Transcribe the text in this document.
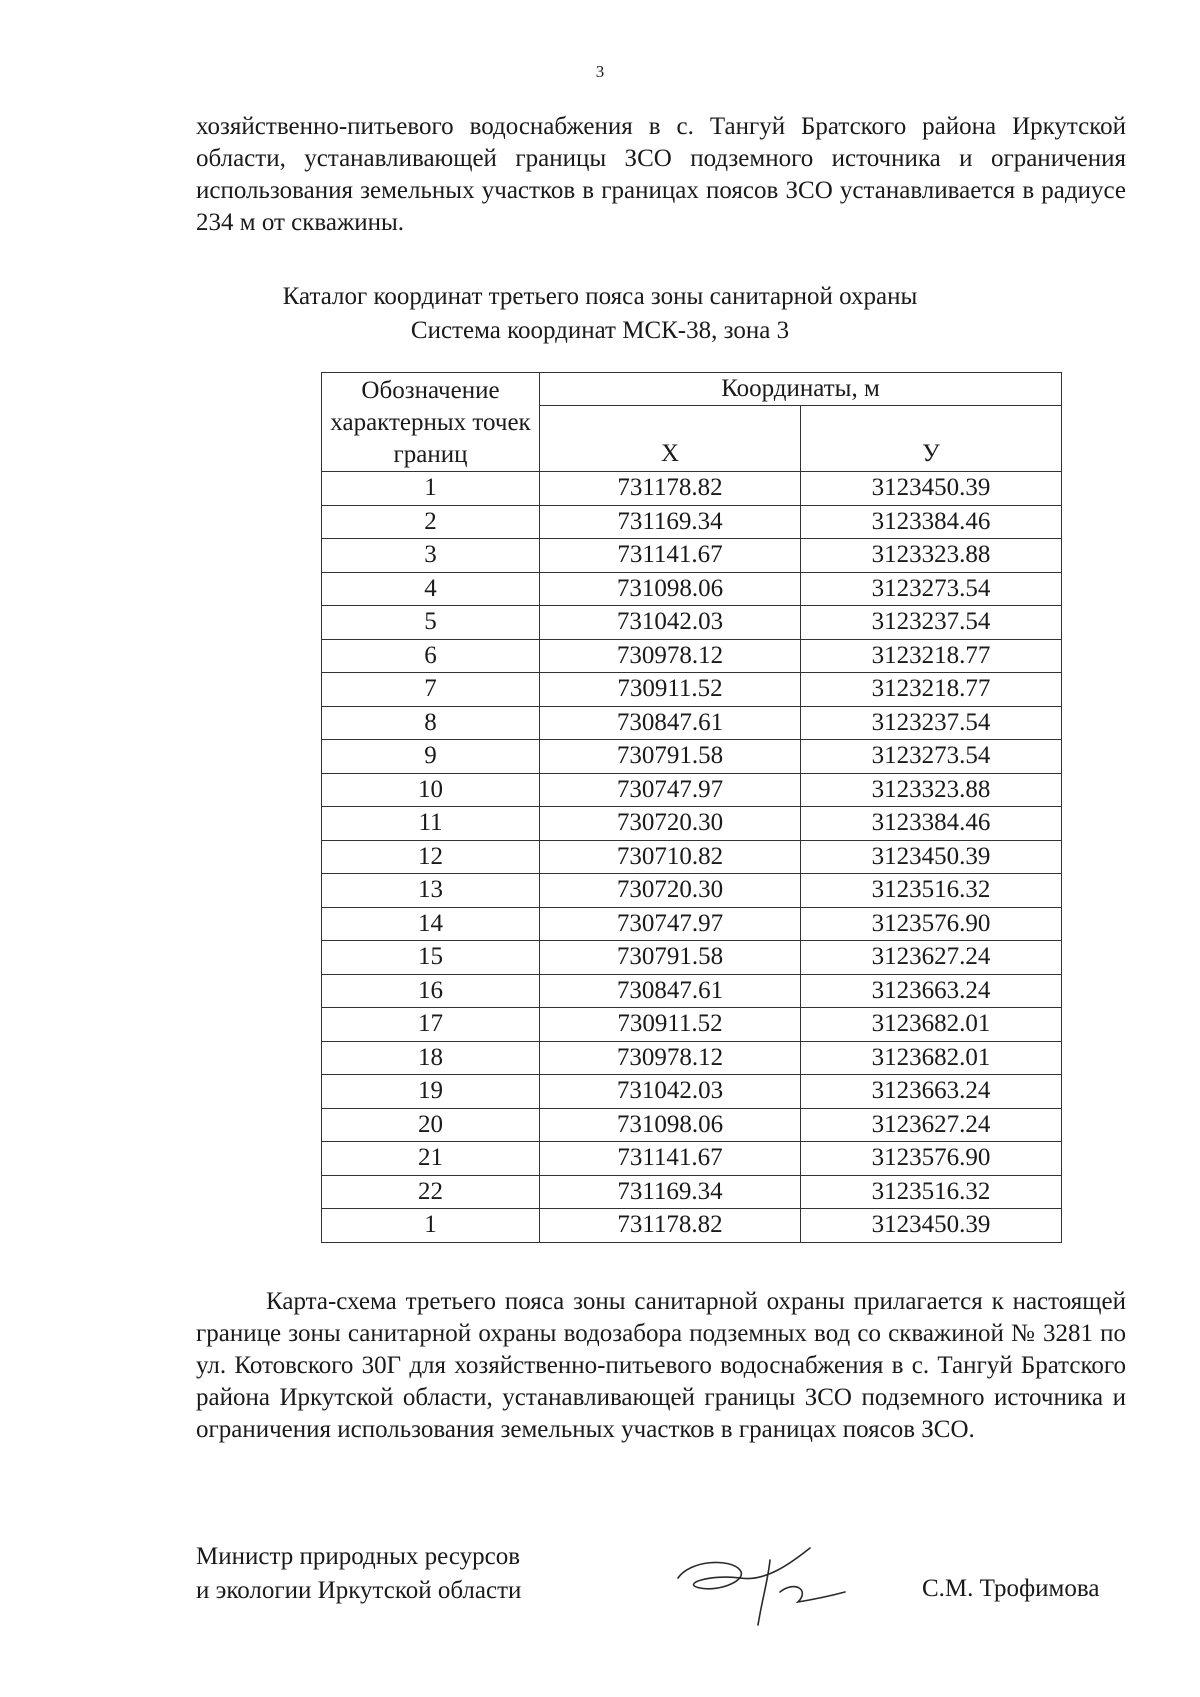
3

хозяйственно-питьевого водоснабжения в с. Тангуй Братского района Иркутской области, устанавливающей границы ЗСО подземного источника и ограничения использования земельных участков в границах поясов ЗСО устанавливается в радиусе 234 м от скважины.

Каталог координат третьего пояса зоны санитарной охраны
Система координат МСК-38, зона 3
Обозначение характерных точек границ	Координаты, м	
	Х	У
1	731178.82	3123450.39
2	731169.34	3123384.46
3	731141.67	3123323.88
4	731098.06	3123273.54
5	731042.03	3123237.54
6	730978.12	3123218.77
7	730911.52	3123218.77
8	730847.61	3123237.54
9	730791.58	3123273.54
10	730747.97	3123323.88
11	730720.30	3123384.46
12	730710.82	3123450.39
13	730720.30	3123516.32
14	730747.97	3123576.90
15	730791.58	3123627.24
16	730847.61	3123663.24
17	730911.52	3123682.01
18	730978.12	3123682.01
19	731042.03	3123663.24
20	731098.06	3123627.24
21	731141.67	3123576.90
22	731169.34	3123516.32
1	731178.82	3123450.39

Карта-схема третьего пояса зоны санитарной охраны прилагается к настоящей границе зоны санитарной охраны водозабора подземных вод со скважиной № 3281 по ул. Котовского 30Г для хозяйственно-питьевого водоснабжения в с. Тангуй Братского района Иркутской области, устанавливающей границы ЗСО подземного источника и ограничения использования земельных участков в границах поясов ЗСО.

Министр природных ресурсов
и экологии Иркутской области	С.М. Трофимова
